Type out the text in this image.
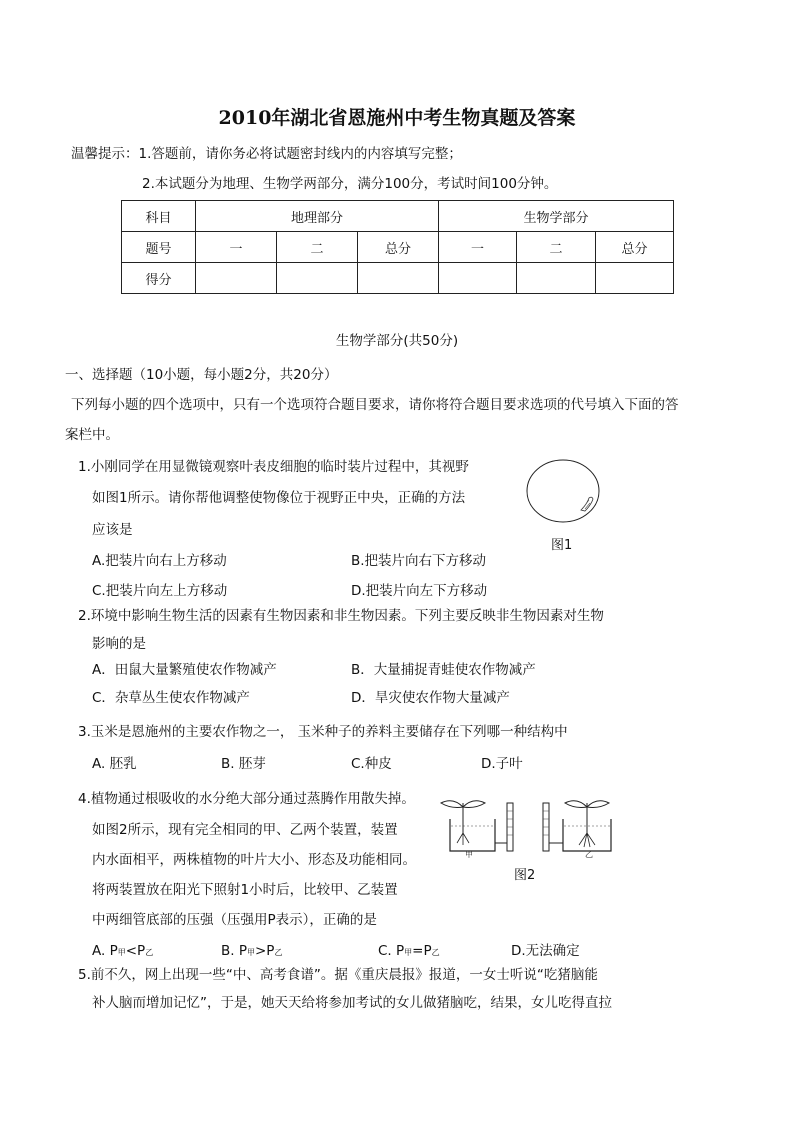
2010年湖北省恩施州中考生物真题及答案
温馨提示：1.答题前，请你务必将试题密封线内的内容填写完整；
2.本试题分为地理、生物学两部分，满分100分，考试时间100分钟。
科目	地理部分			生物学部分		
题号	一	二	总分	一	二	总分
得分						
生物学部分(共50分)
一、选择题（10小题，每小题2分，共20分）
下列每小题的四个选项中，只有一个选项符合题目要求，请你将符合题目要求选项的代号填入下面的答
案栏中。
1.小刚同学在用显微镜观察叶表皮细胞的临时装片过程中，其视野
如图1所示。请你帮他调整使物像位于视野正中央，正确的方法
应该是
图1
A.把装片向右上方移动	B.把装片向右下方移动
C.把装片向左上方移动	D.把装片向左下方移动
2.环境中影响生物生活的因素有生物因素和非生物因素。下列主要反映非生物因素对生物
影响的是
A．田鼠大量繁殖使农作物减产	B．大量捕捉青蛙使农作物减产
C．杂草丛生使农作物减产	D．旱灾使农作物大量减产
3.玉米是恩施州的主要农作物之一， 玉米种子的养料主要储存在下列哪一种结构中
A. 胚乳	B. 胚芽	C.种皮	D.子叶
4.植物通过根吸收的水分绝大部分通过蒸腾作用散失掉。
如图2所示，现有完全相同的甲、乙两个装置，装置
内水面相平，两株植物的叶片大小、形态及功能相同。
将两装置放在阳光下照射1小时后，比较甲、乙装置
中两细管底部的压强（压强用P表示），正确的是
甲	乙
图2
A. P甲<P乙	B. P甲>P乙	C. P甲=P乙	D.无法确定
5.前不久，网上出现一些“中、高考食谱”。据《重庆晨报》报道，一女士听说“吃猪脑能
补人脑而增加记忆”，于是，她天天给将参加考试的女儿做猪脑吃，结果，女儿吃得直拉
